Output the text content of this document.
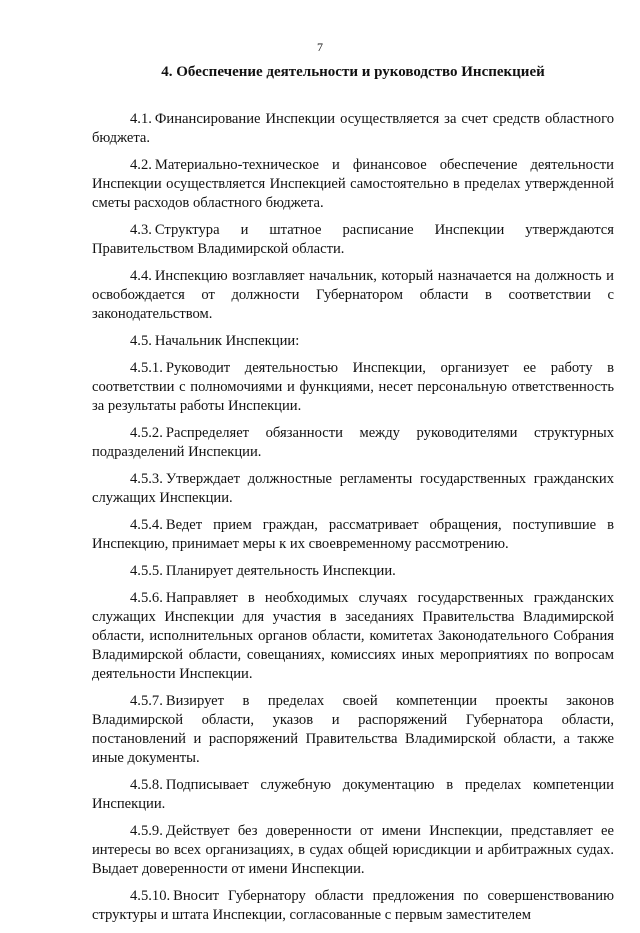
7
4. Обеспечение деятельности и руководство Инспекцией

4.1. Финансирование Инспекции осуществляется за счет средств областного бюджета.

4.2. Материально-техническое и финансовое обеспечение деятельности Инспекции осуществляется Инспекцией самостоятельно в пределах утвержденной сметы расходов областного бюджета.

4.3. Структура и штатное расписание Инспекции утверждаются Правительством Владимирской области.

4.4. Инспекцию возглавляет начальник, который назначается на должность и освобождается от должности Губернатором области в соответствии с законодательством.

4.5. Начальник Инспекции:

4.5.1. Руководит деятельностью Инспекции, организует ее работу в соответствии с полномочиями и функциями, несет персональную ответственность за результаты работы Инспекции.

4.5.2. Распределяет обязанности между руководителями структурных подразделений Инспекции.

4.5.3. Утверждает должностные регламенты государственных гражданских служащих Инспекции.

4.5.4. Ведет прием граждан, рассматривает обращения, поступившие в Инспекцию, принимает меры к их своевременному рассмотрению.

4.5.5. Планирует деятельность Инспекции.

4.5.6. Направляет в необходимых случаях государственных гражданских служащих Инспекции для участия в заседаниях Правительства Владимирской области, исполнительных органов области, комитетах Законодательного Собрания Владимирской области, совещаниях, комиссиях иных мероприятиях по вопросам деятельности Инспекции.

4.5.7. Визирует в пределах своей компетенции проекты законов Владимирской области, указов и распоряжений Губернатора области, постановлений и распоряжений Правительства Владимирской области, а также иные документы.

4.5.8. Подписывает служебную документацию в пределах компетенции Инспекции.

4.5.9. Действует без доверенности от имени Инспекции, представляет ее интересы во всех организациях, в судах общей юрисдикции и арбитражных судах. Выдает доверенности от имени Инспекции.

4.5.10. Вносит Губернатору области предложения по совершенствованию структуры и штата Инспекции, согласованные с первым заместителем
